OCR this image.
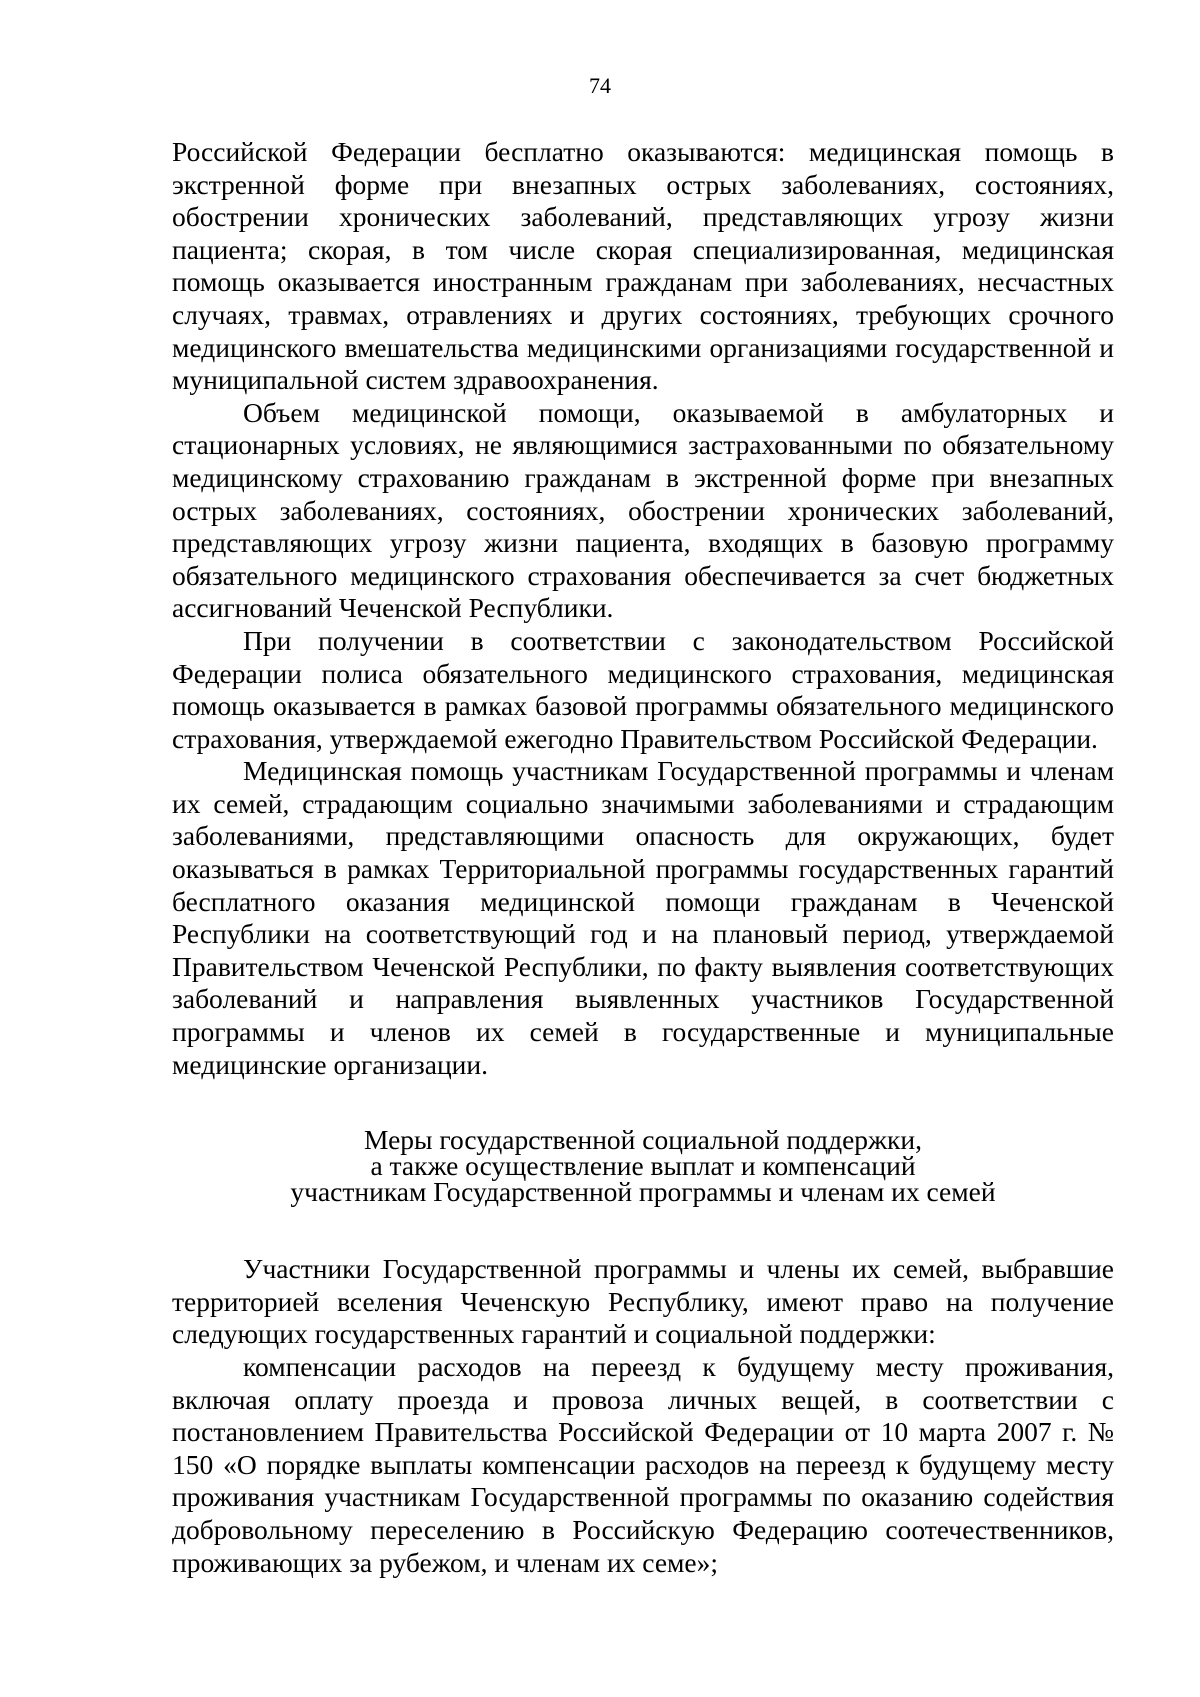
74

Российской Федерации бесплатно оказываются: медицинская помощь в экстренной форме при внезапных острых заболеваниях, состояниях, обострении хронических заболеваний, представляющих угрозу жизни пациента; скорая, в том числе скорая специализированная, медицинская помощь оказывается иностранным гражданам при заболеваниях, несчастных случаях, травмах, отравлениях и других состояниях, требующих срочного медицинского вмешательства медицинскими организациями государственной и муниципальной систем здравоохранения.

Объем медицинской помощи, оказываемой в амбулаторных и стационарных условиях, не являющимися застрахованными по обязательному медицинскому страхованию гражданам в экстренной форме при внезапных острых заболеваниях, состояниях, обострении хронических заболеваний, представляющих угрозу жизни пациента, входящих в базовую программу обязательного медицинского страхования обеспечивается за счет бюджетных ассигнований Чеченской Республики.

При получении в соответствии с законодательством Российской Федерации полиса обязательного медицинского страхования, медицинская помощь оказывается в рамках базовой программы обязательного медицинского страхования, утверждаемой ежегодно Правительством Российской Федерации.

Медицинская помощь участникам Государственной программы и членам их семей, страдающим социально значимыми заболеваниями и страдающим заболеваниями, представляющими опасность для окружающих, будет оказываться в рамках Территориальной программы государственных гарантий бесплатного оказания медицинской помощи гражданам в Чеченской Республики на соответствующий год и на плановый период, утверждаемой Правительством Чеченской Республики, по факту выявления соответствующих заболеваний и направления выявленных участников Государственной программы и членов их семей в государственные и муниципальные медицинские организации.

Меры государственной социальной поддержки,
а также осуществление выплат и компенсаций
участникам Государственной программы и членам их семей

Участники Государственной программы и члены их семей, выбравшие территорией вселения Чеченскую Республику, имеют право на получение следующих государственных гарантий и социальной поддержки:

компенсации расходов на переезд к будущему месту проживания, включая оплату проезда и провоза личных вещей, в соответствии с постановлением Правительства Российской Федерации от 10 марта 2007 г. № 150 «О порядке выплаты компенсации расходов на переезд к будущему месту проживания участникам Государственной программы по оказанию содействия добровольному переселению в Российскую Федерацию соотечественников, проживающих за рубежом, и членам их семе»;
